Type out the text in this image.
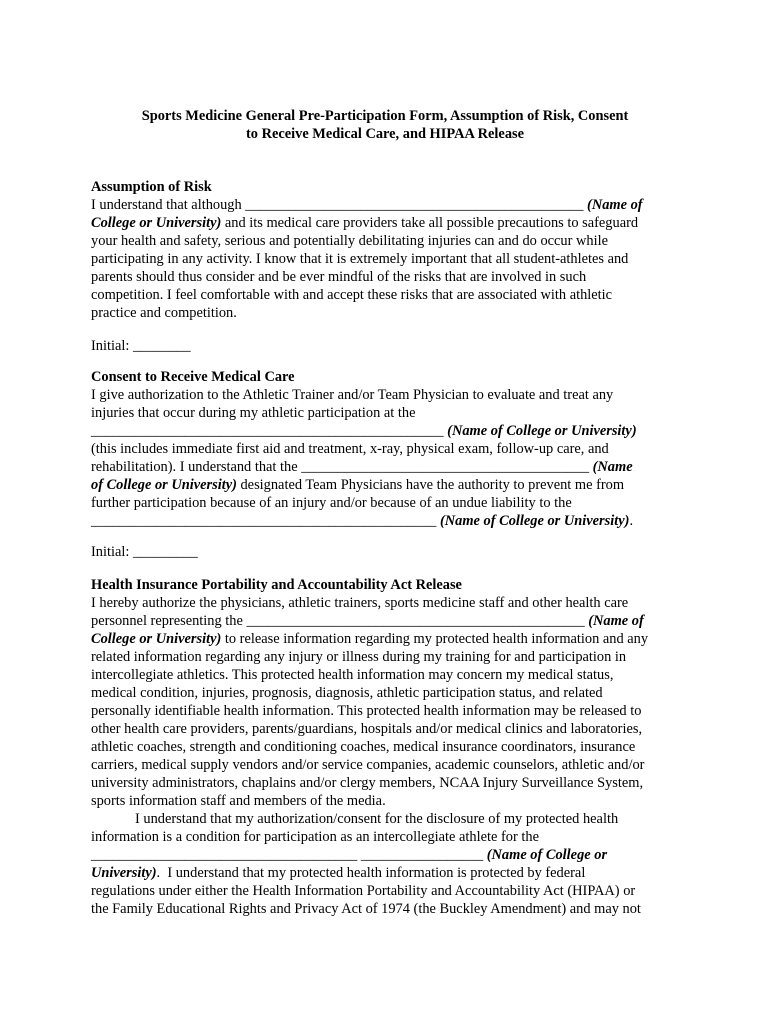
Sports Medicine General Pre-Participation Form, Assumption of Risk, Consent
to Receive Medical Care, and HIPAA Release
Assumption of Risk
I understand that although _______________________________________________ (Name of
College or University) and its medical care providers take all possible precautions to safeguard
your health and safety, serious and potentially debilitating injuries can and do occur while
participating in any activity. I know that it is extremely important that all student-athletes and
parents should thus consider and be ever mindful of the risks that are involved in such
competition. I feel comfortable with and accept these risks that are associated with athletic
practice and competition.
Initial: ________
Consent to Receive Medical Care
I give authorization to the Athletic Trainer and/or Team Physician to evaluate and treat any
injuries that occur during my athletic participation at the
_________________________________________________ (Name of College or University)
(this includes immediate first aid and treatment, x-ray, physical exam, follow-up care, and
rehabilitation). I understand that the ________________________________________ (Name
of College or University) designated Team Physicians have the authority to prevent me from
further participation because of an injury and/or because of an undue liability to the
________________________________________________ (Name of College or University).
Initial: _________
Health Insurance Portability and Accountability Act Release
I hereby authorize the physicians, athletic trainers, sports medicine staff and other health care
personnel representing the _______________________________________________ (Name of
College or University) to release information regarding my protected health information and any
related information regarding any injury or illness during my training for and participation in
intercollegiate athletics. This protected health information may concern my medical status,
medical condition, injuries, prognosis, diagnosis, athletic participation status, and related
personally identifiable health information. This protected health information may be released to
other health care providers, parents/guardians, hospitals and/or medical clinics and laboratories,
athletic coaches, strength and conditioning coaches, medical insurance coordinators, insurance
carriers, medical supply vendors and/or service companies, academic counselors, athletic and/or
university administrators, chaplains and/or clergy members, NCAA Injury Surveillance System,
sports information staff and members of the media.
I understand that my authorization/consent for the disclosure of my protected health
information is a condition for participation as an intercollegiate athlete for the
_____________________________________ _________________ (Name of College or
University).  I understand that my protected health information is protected by federal
regulations under either the Health Information Portability and Accountability Act (HIPAA) or
the Family Educational Rights and Privacy Act of 1974 (the Buckley Amendment) and may not
